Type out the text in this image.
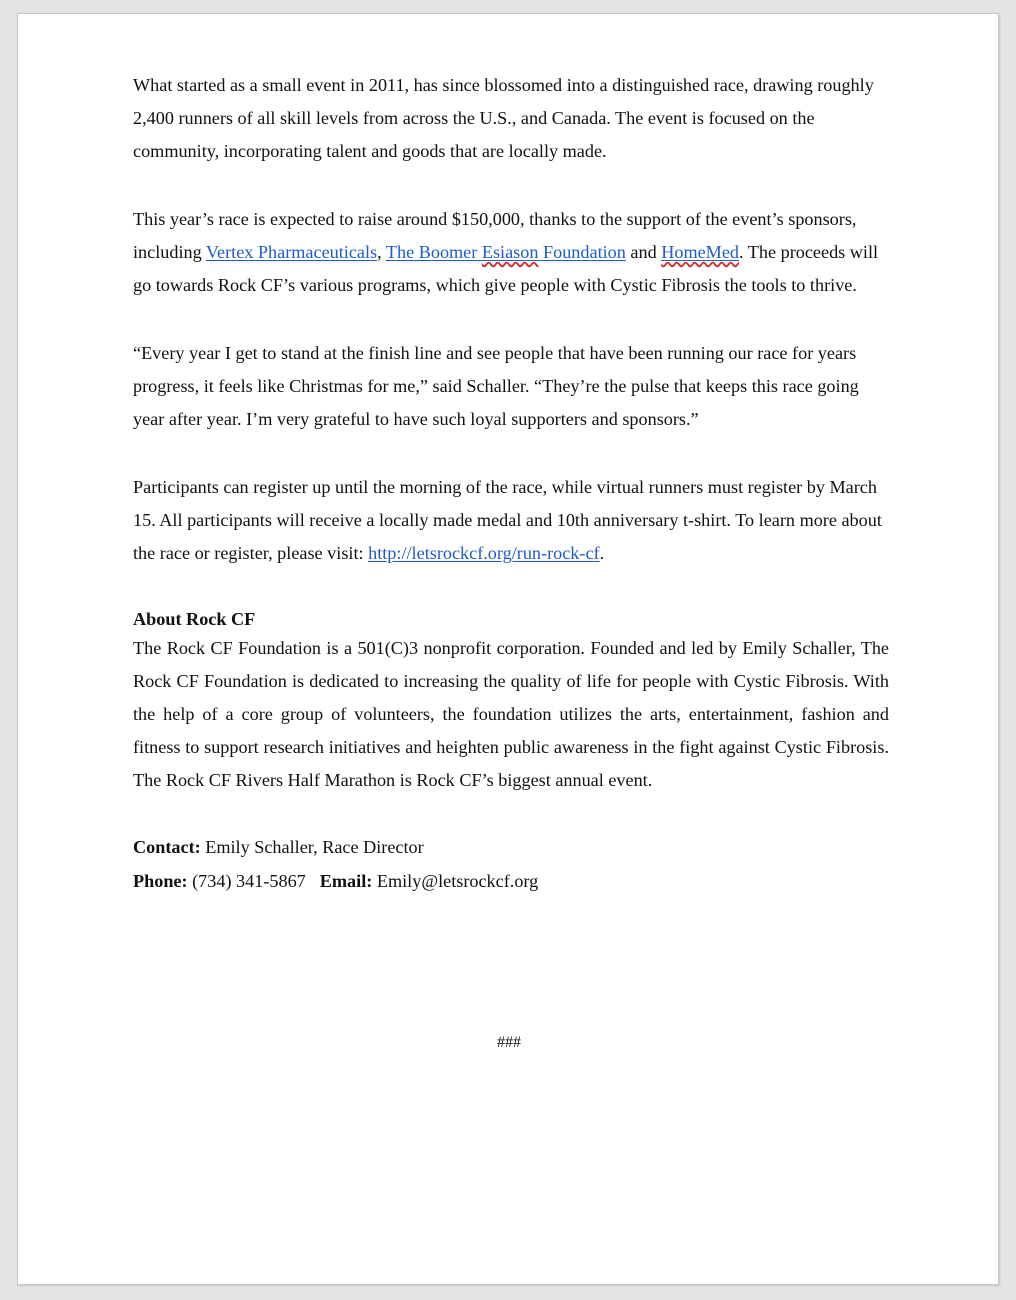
What started as a small event in 2011, has since blossomed into a distinguished race, drawing roughly 2,400 runners of all skill levels from across the U.S., and Canada. The event is focused on the community, incorporating talent and goods that are locally made.

This year’s race is expected to raise around $150,000, thanks to the support of the event’s sponsors, including Vertex Pharmaceuticals, The Boomer Esiason Foundation and HomeMed. The proceeds will go towards Rock CF’s various programs, which give people with Cystic Fibrosis the tools to thrive.

“Every year I get to stand at the finish line and see people that have been running our race for years progress, it feels like Christmas for me,” said Schaller. “They’re the pulse that keeps this race going year after year. I’m very grateful to have such loyal supporters and sponsors.”

Participants can register up until the morning of the race, while virtual runners must register by March 15. All participants will receive a locally made medal and 10th anniversary t-shirt. To learn more about the race or register, please visit: http://letsrockcf.org/run-rock-cf.

About Rock CF

The Rock CF Foundation is a 501(C)3 nonprofit corporation. Founded and led by Emily Schaller, The Rock CF Foundation is dedicated to increasing the quality of life for people with Cystic Fibrosis. With the help of a core group of volunteers, the foundation utilizes the arts, entertainment, fashion and fitness to support research initiatives and heighten public awareness in the fight against Cystic Fibrosis. The Rock CF Rivers Half Marathon is Rock CF’s biggest annual event.

Contact: Emily Schaller, Race Director
Phone: (734) 341-5867 Email: Emily@letsrockcf.org
###
